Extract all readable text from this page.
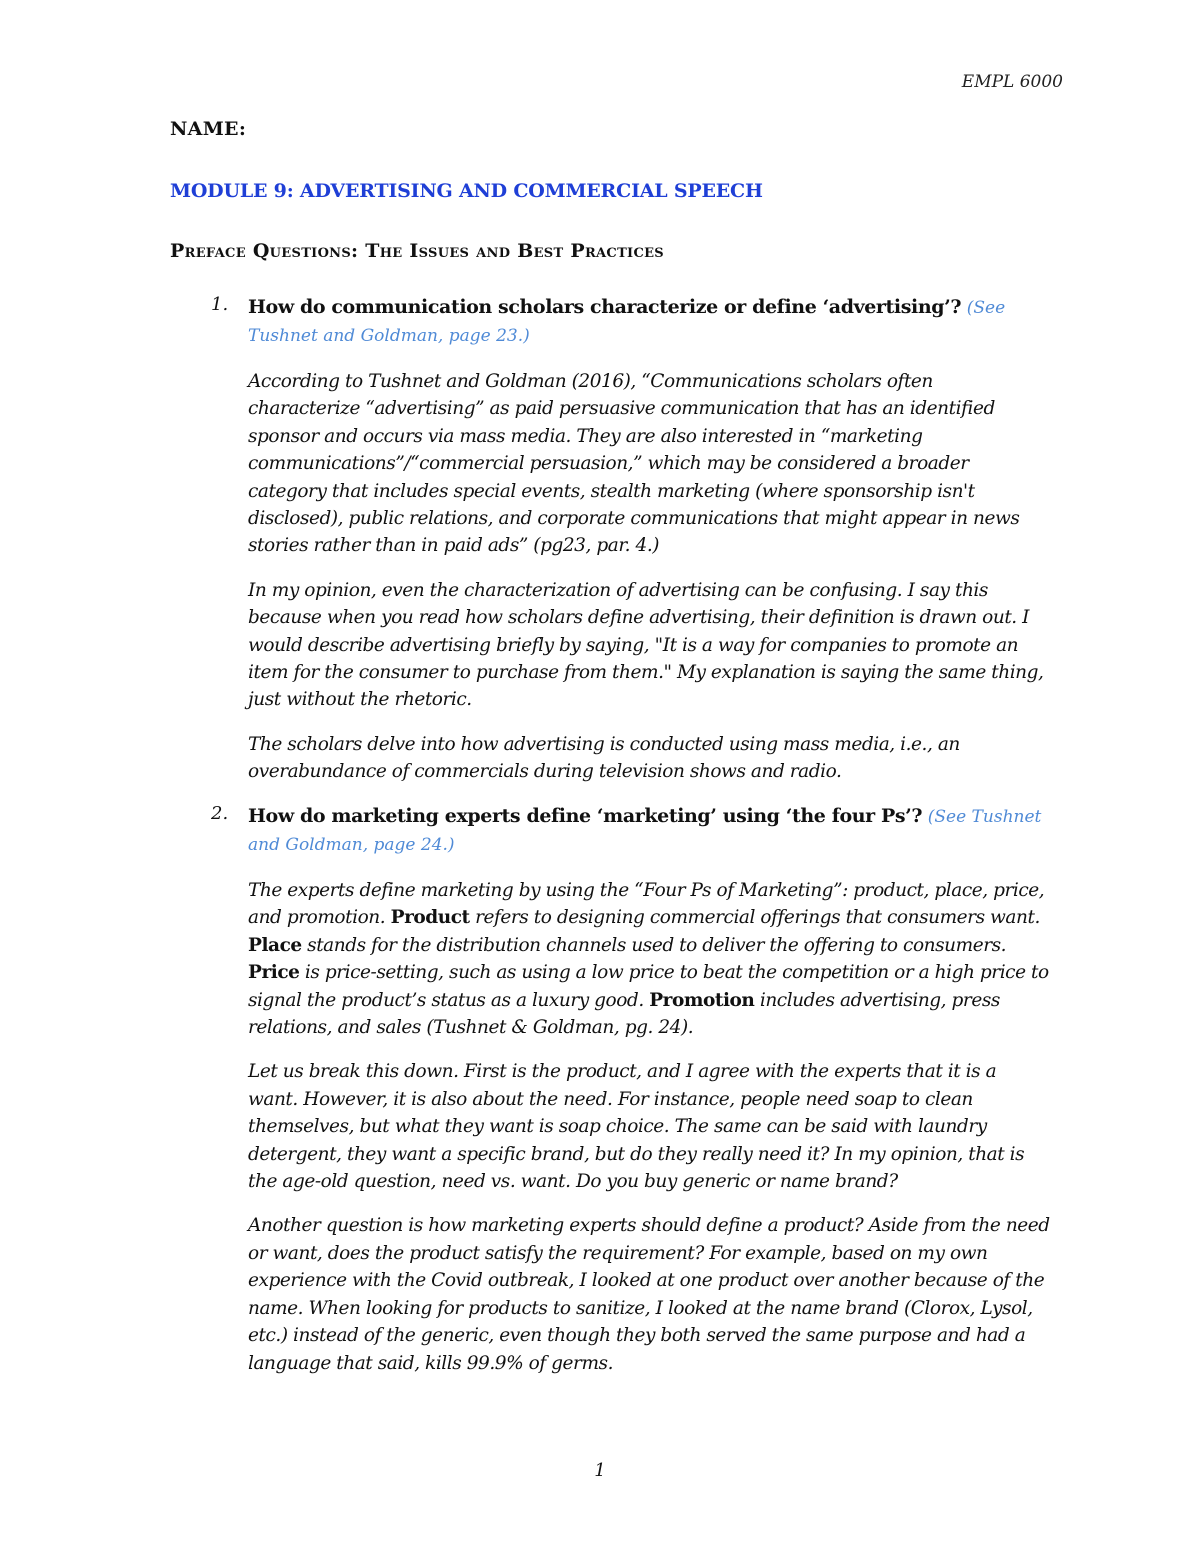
EMPL 6000
NAME:
MODULE 9: ADVERTISING AND COMMERCIAL SPEECH
Preface Questions: The Issues and Best Practices
1. How do communication scholars characterize or define ‘advertising’? (See Tushnet and Goldman, page 23.)

According to Tushnet and Goldman (2016), “Communications scholars often characterize “advertising” as paid persuasive communication that has an identified sponsor and occurs via mass media. They are also interested in “marketing communications”/“commercial persuasion,” which may be considered a broader category that includes special events, stealth marketing (where sponsorship isn't disclosed), public relations, and corporate communications that might appear in news stories rather than in paid ads” (pg23, par. 4.)

In my opinion, even the characterization of advertising can be confusing. I say this because when you read how scholars define advertising, their definition is drawn out. I would describe advertising briefly by saying, "It is a way for companies to promote an item for the consumer to purchase from them." My explanation is saying the same thing, just without the rhetoric.

The scholars delve into how advertising is conducted using mass media, i.e., an overabundance of commercials during television shows and radio.

2. How do marketing experts define ‘marketing’ using ‘the four Ps’? (See Tushnet and Goldman, page 24.)

The experts define marketing by using the “Four Ps of Marketing”: product, place, price, and promotion. Product refers to designing commercial offerings that consumers want. Place stands for the distribution channels used to deliver the offering to consumers. Price is price-setting, such as using a low price to beat the competition or a high price to signal the product’s status as a luxury good. Promotion includes advertising, press relations, and sales (Tushnet & Goldman, pg. 24).

Let us break this down. First is the product, and I agree with the experts that it is a want. However, it is also about the need. For instance, people need soap to clean themselves, but what they want is soap choice. The same can be said with laundry detergent, they want a specific brand, but do they really need it? In my opinion, that is the age-old question, need vs. want. Do you buy generic or name brand?

Another question is how marketing experts should define a product? Aside from the need or want, does the product satisfy the requirement? For example, based on my own experience with the Covid outbreak, I looked at one product over another because of the name. When looking for products to sanitize, I looked at the name brand (Clorox, Lysol, etc.) instead of the generic, even though they both served the same purpose and had a language that said, kills 99.9% of germs.

1
